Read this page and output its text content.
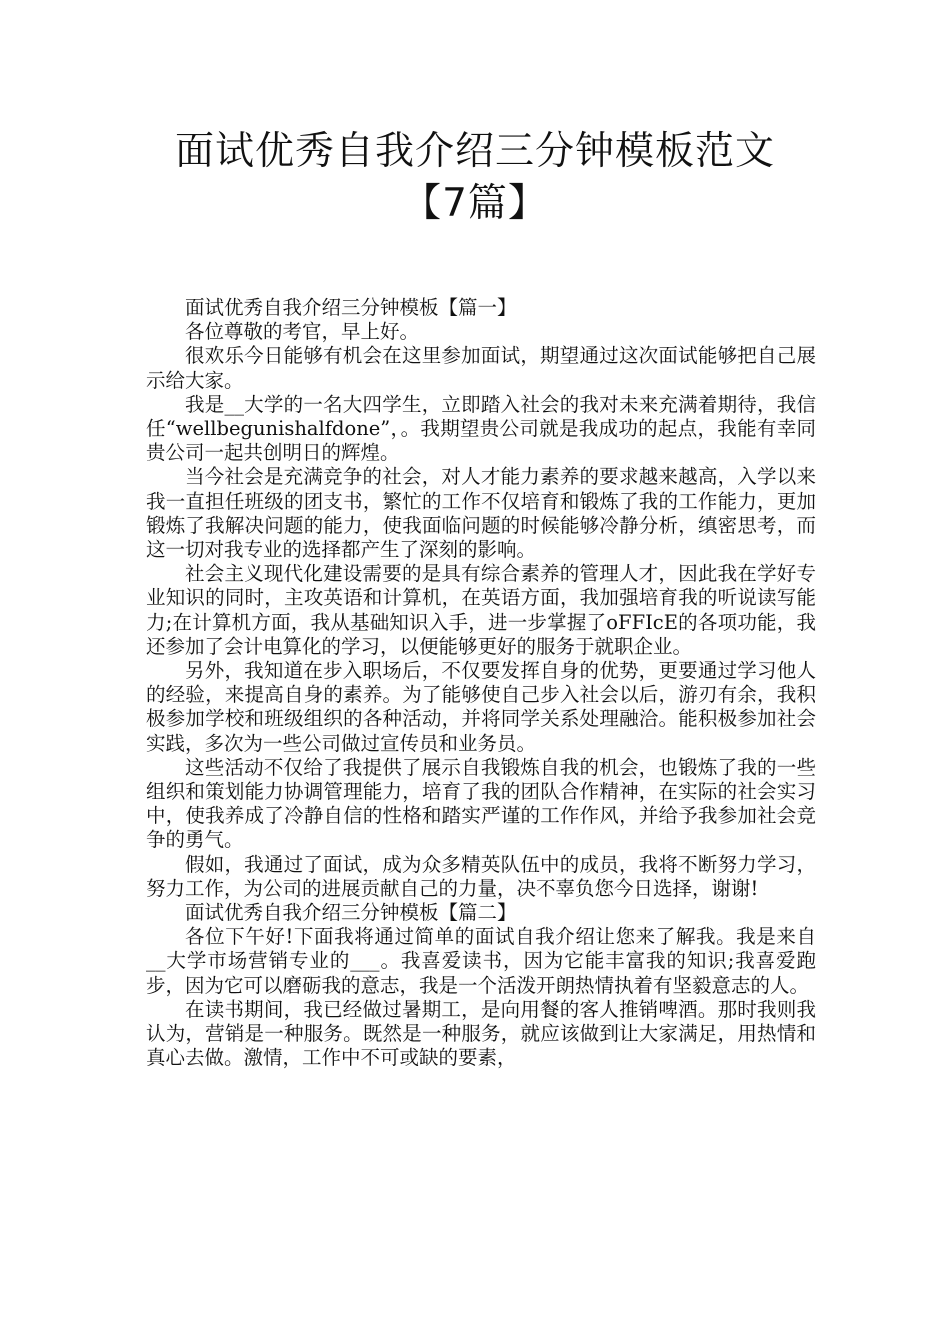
面试优秀自我介绍三分钟模板范文【7篇】

面试优秀自我介绍三分钟模板【篇一】

各位尊敬的考官，早上好。

很欢乐今日能够有机会在这里参加面试，期望通过这次面试能够把自己展示给大家。

我是__大学的一名大四学生，立即踏入社会的我对未来充满着期待，我信任“wellbegunishalfdone”，。我期望贵公司就是我成功的起点，我能有幸同贵公司一起共创明日的辉煌。

当今社会是充满竞争的社会，对人才能力素养的要求越来越高，入学以来我一直担任班级的团支书，繁忙的工作不仅培育和锻炼了我的工作能力，更加锻炼了我解决问题的能力，使我面临问题的时候能够冷静分析，缜密思考，而这一切对我专业的选择都产生了深刻的影响。

社会主义现代化建设需要的是具有综合素养的管理人才，因此我在学好专业知识的同时，主攻英语和计算机，在英语方面，我加强培育我的听说读写能力;在计算机方面，我从基础知识入手，进一步掌握了oFFIcE的各项功能，我还参加了会计电算化的学习，以便能够更好的服务于就职企业。

另外，我知道在步入职场后，不仅要发挥自身的优势，更要通过学习他人的经验，来提高自身的素养。为了能够使自己步入社会以后，游刃有余，我积极参加学校和班级组织的各种活动，并将同学关系处理融洽。能积极参加社会实践，多次为一些公司做过宣传员和业务员。

这些活动不仅给了我提供了展示自我锻炼自我的机会，也锻炼了我的一些组织和策划能力协调管理能力，培育了我的团队合作精神，在实际的社会实习中，使我养成了冷静自信的性格和踏实严谨的工作作风，并给予我参加社会竞争的勇气。

假如，我通过了面试，成为众多精英队伍中的成员，我将不断努力学习，努力工作，为公司的进展贡献自己的力量，决不辜负您今日选择，谢谢!

面试优秀自我介绍三分钟模板【篇二】

各位下午好!下面我将通过简单的面试自我介绍让您来了解我。我是来自__大学市场营销专业的___。我喜爱读书，因为它能丰富我的知识;我喜爱跑步，因为它可以磨砺我的意志，我是一个活泼开朗热情执着有坚毅意志的人。

在读书期间，我已经做过暑期工，是向用餐的客人推销啤酒。那时我则我认为，营销是一种服务。既然是一种服务，就应该做到让大家满足，用热情和真心去做。激情，工作中不可或缺的要素，
